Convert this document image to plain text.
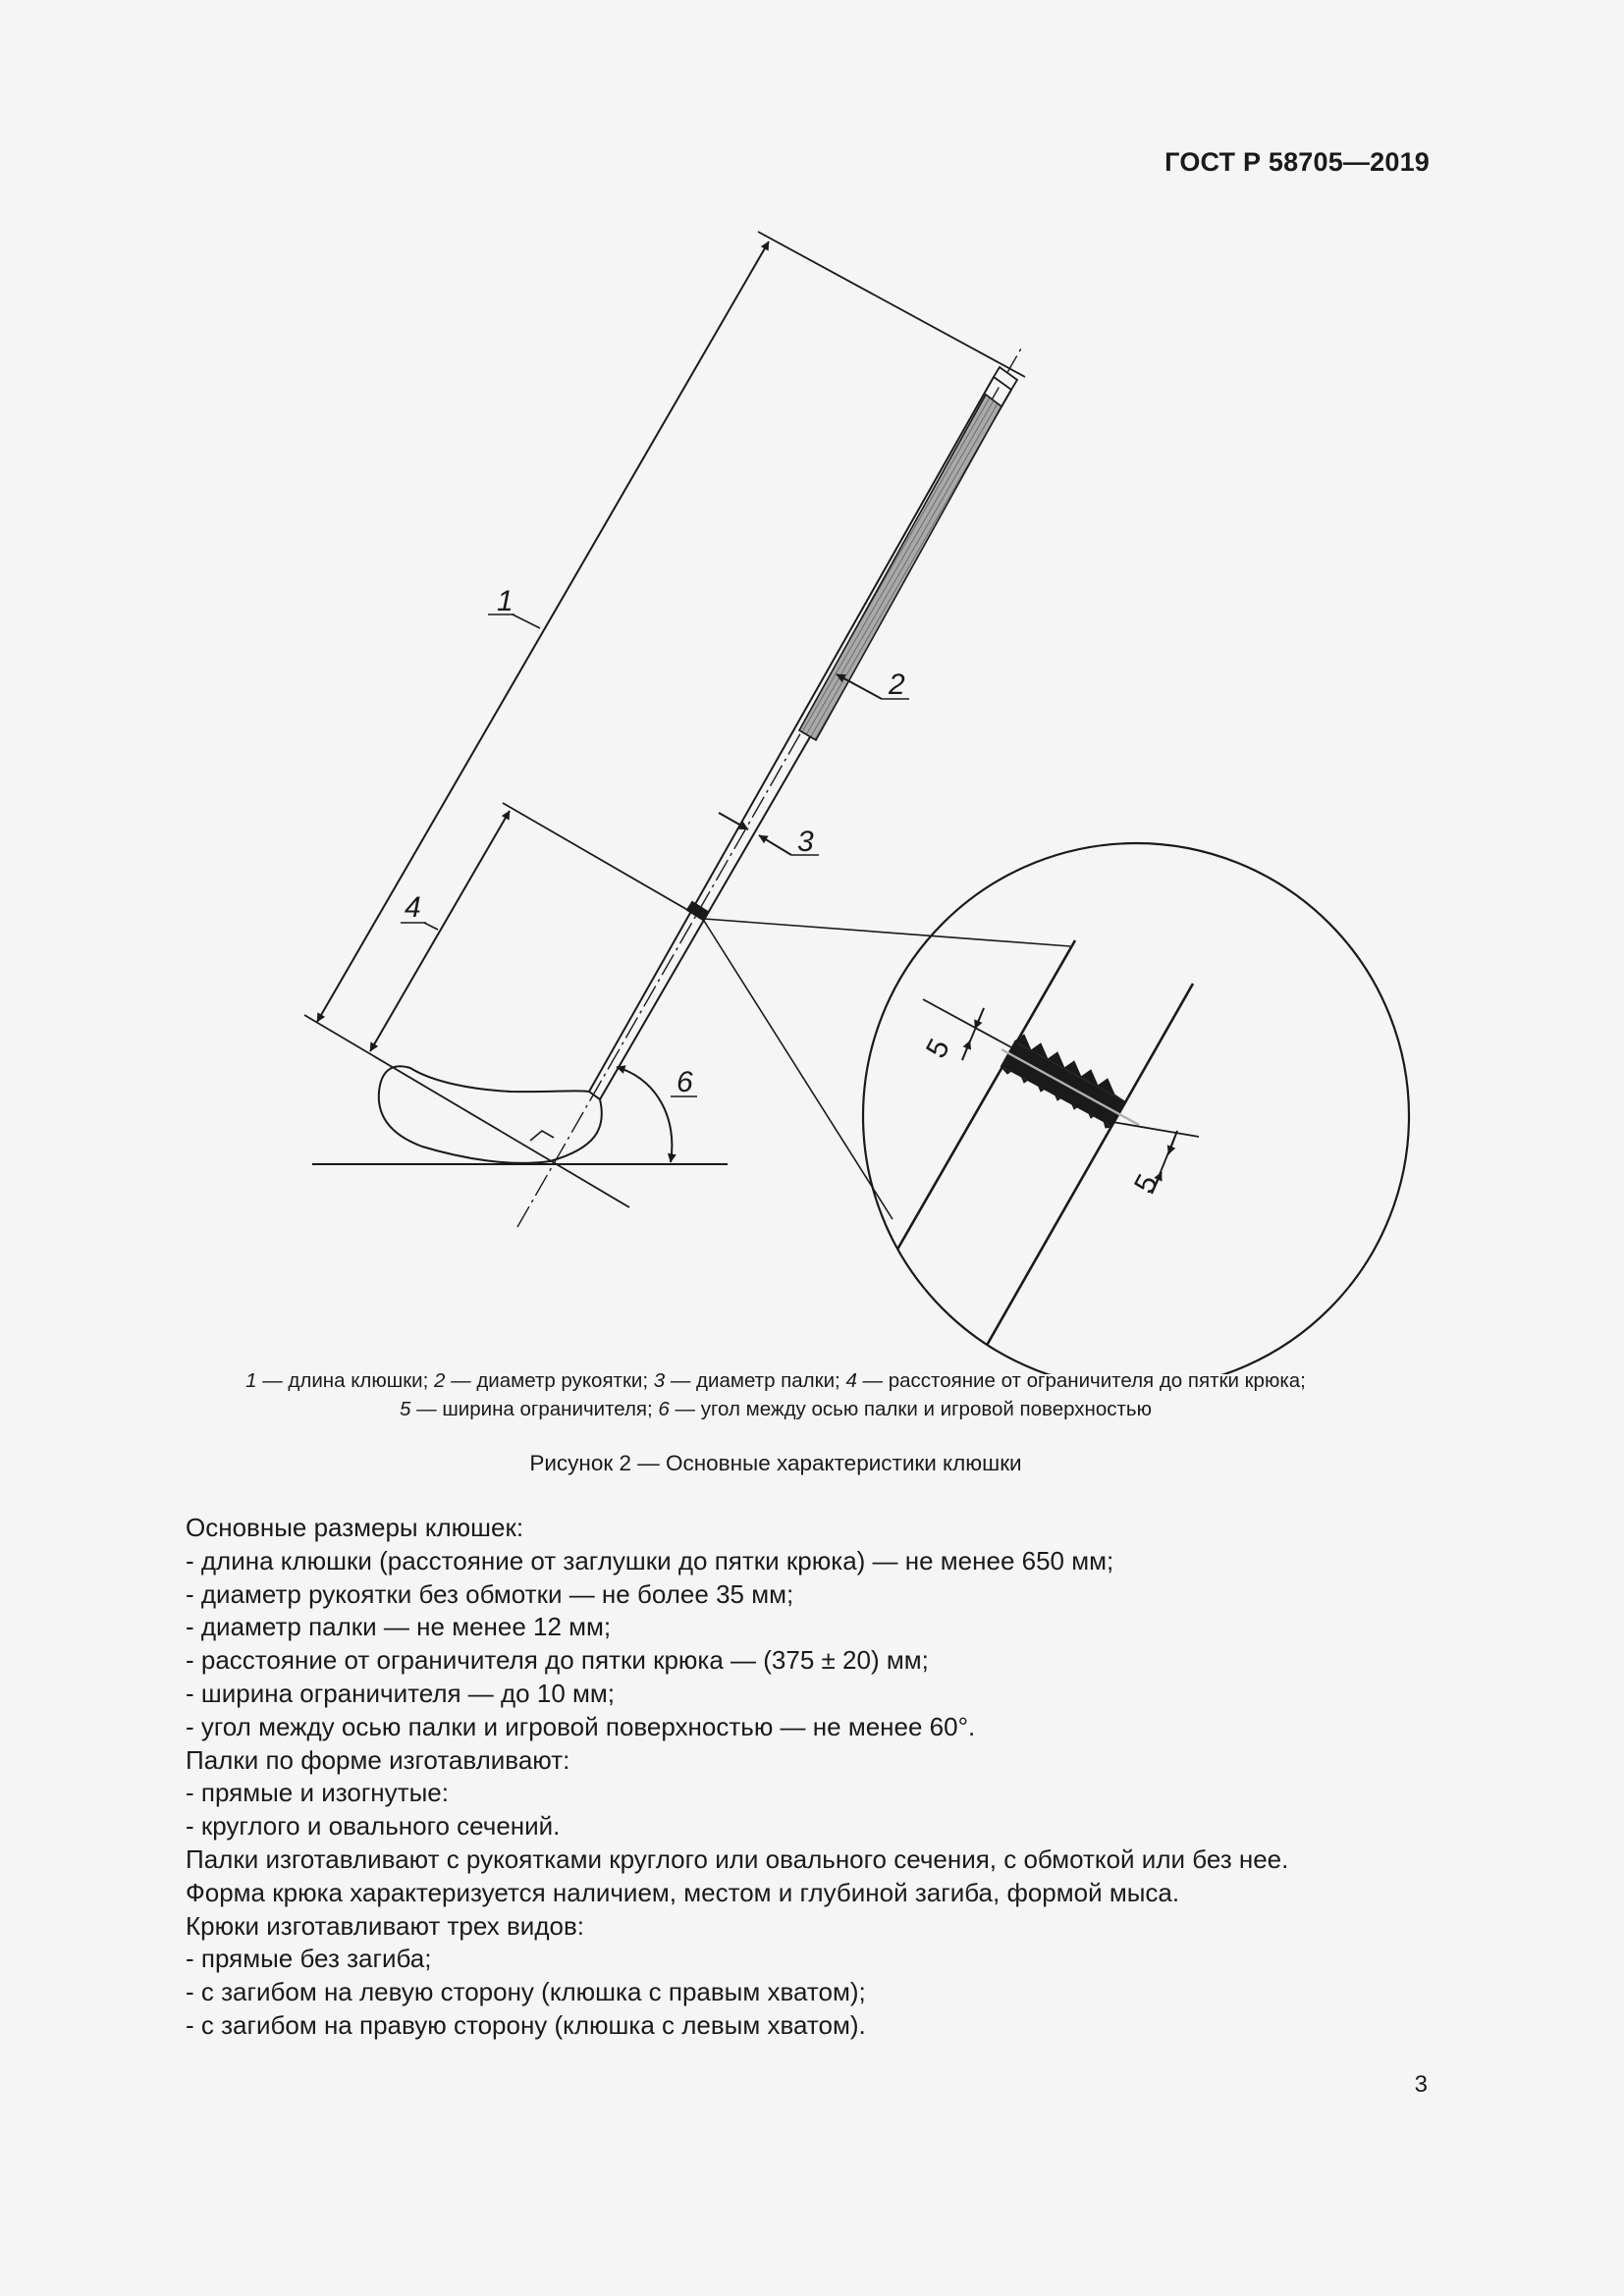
ГОСТ Р 58705—2019
1
2
3
4
6
5
5
1 — длина клюшки; 2 — диаметр рукоятки; 3 — диаметр палки; 4 — расстояние от ограничителя до пятки крюка;
5 — ширина ограничителя; 6 — угол между осью палки и игровой поверхностью
Рисунок 2 — Основные характеристики клюшки

Основные размеры клюшек:

- длина клюшки (расстояние от заглушки до пятки крюка) — не менее 650 мм;

- диаметр рукоятки без обмотки — не более 35 мм;

- диаметр палки — не менее 12 мм;

- расстояние от ограничителя до пятки крюка — (375 ± 20) мм;

- ширина ограничителя — до 10 мм;

- угол между осью палки и игровой поверхностью — не менее 60°.

Палки по форме изготавливают:

- прямые и изогнутые:

- круглого и овального сечений.

Палки изготавливают с рукоятками круглого или овального сечения, с обмоткой или без нее.

Форма крюка характеризуется наличием, местом и глубиной загиба, формой мыса.

Крюки изготавливают трех видов:

- прямые без загиба;

- с загибом на левую сторону (клюшка с правым хватом);

- с загибом на правую сторону (клюшка с левым хватом).

3
